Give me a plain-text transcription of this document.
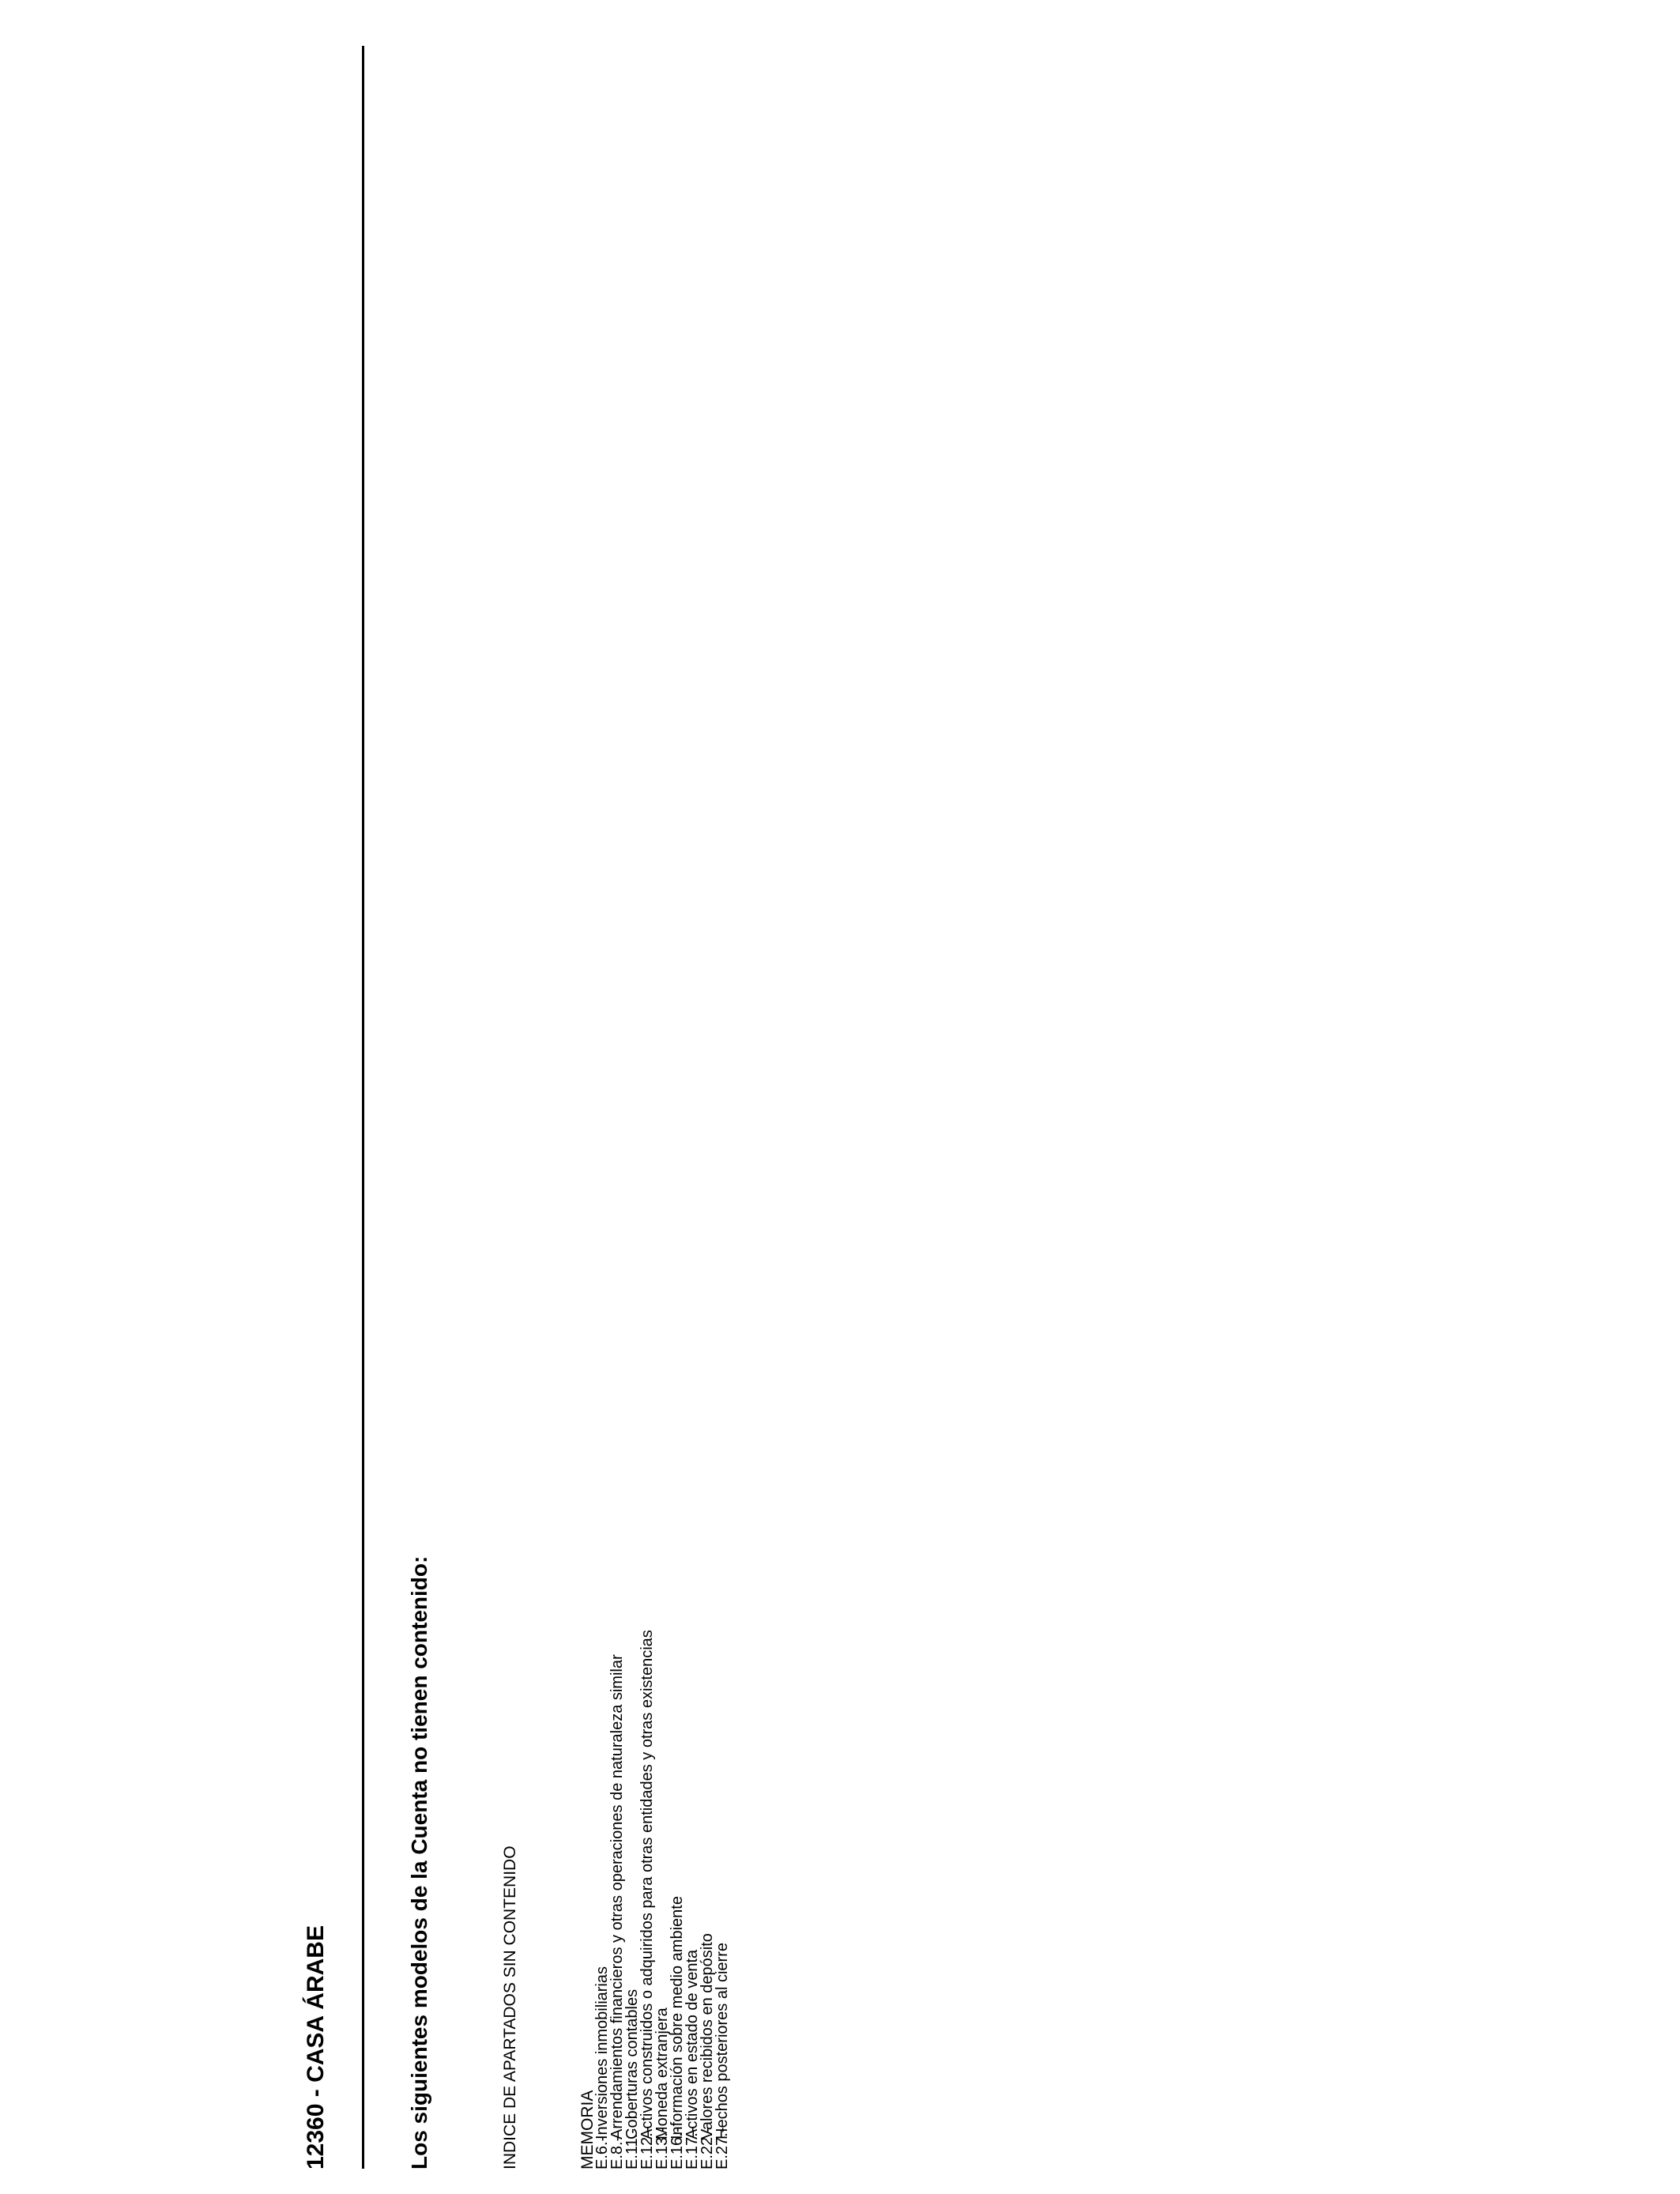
12360 - CASA ÁRABE	Los siguientes modelos de la Cuenta no tienen contenido:	INDICE DE APARTADOS SIN CONTENIDO	MEMORIA
E.6.-Inversiones inmobiliarias
E.8.-Arrendamientos financieros y otras operaciones de naturaleza similar
E.11.-Coberturas contables
E.12.-Activos construidos o adquiridos para otras entidades y otras existencias
E.13.-Moneda extranjera
E.16.-Información sobre medio ambiente
E.17.-Activos en estado de venta
E.22.-Valores recibidos en depósito
E.27.-Hechos posteriores al cierre
